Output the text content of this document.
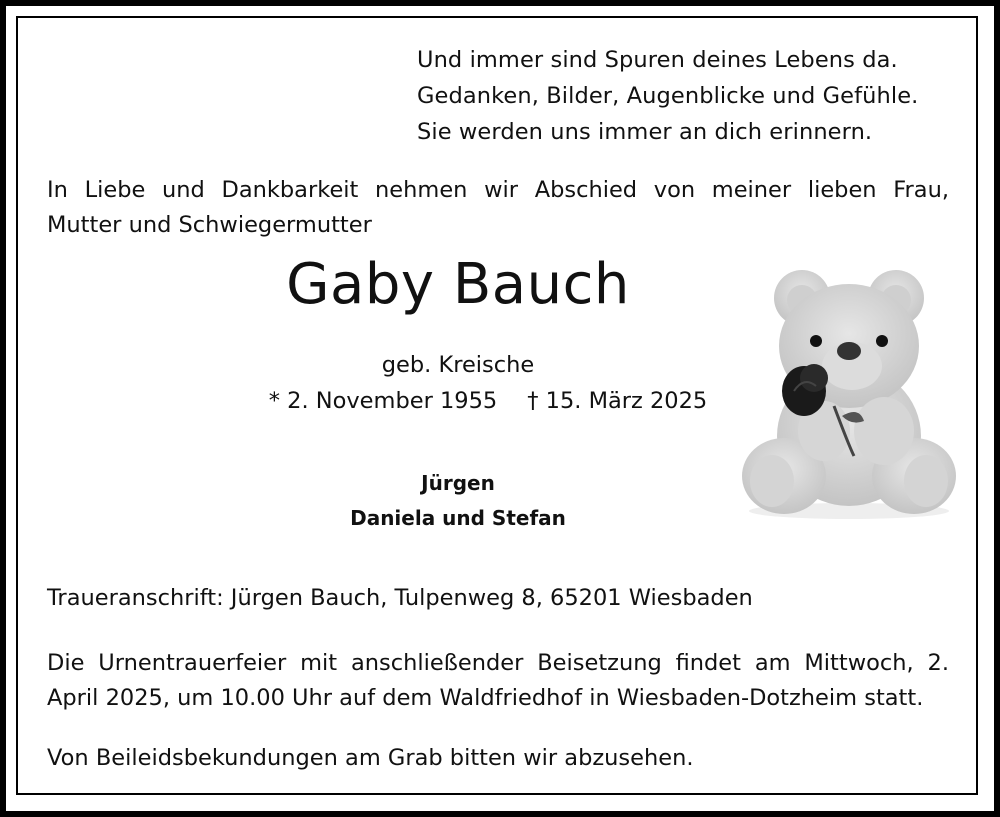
Und immer sind Spuren deines Lebens da.
Gedanken, Bilder, Augenblicke und Gefühle.
Sie werden uns immer an dich erinnern.
In Liebe und Dankbarkeit nehmen wir Abschied von meiner lieben Frau,
Mutter und Schwiegermutter
Gaby Bauch
geb. Kreische
* 2. November 1955 † 15. März 2025
Jürgen
Daniela und Stefan
Traueranschrift: Jürgen Bauch, Tulpenweg 8, 65201 Wiesbaden
Die Urnentrauerfeier mit anschließender Beisetzung findet am Mittwoch, 2.
April 2025, um 10.00 Uhr auf dem Waldfriedhof in Wiesbaden-Dotzheim statt.
Von Beileidsbekundungen am Grab bitten wir abzusehen.
